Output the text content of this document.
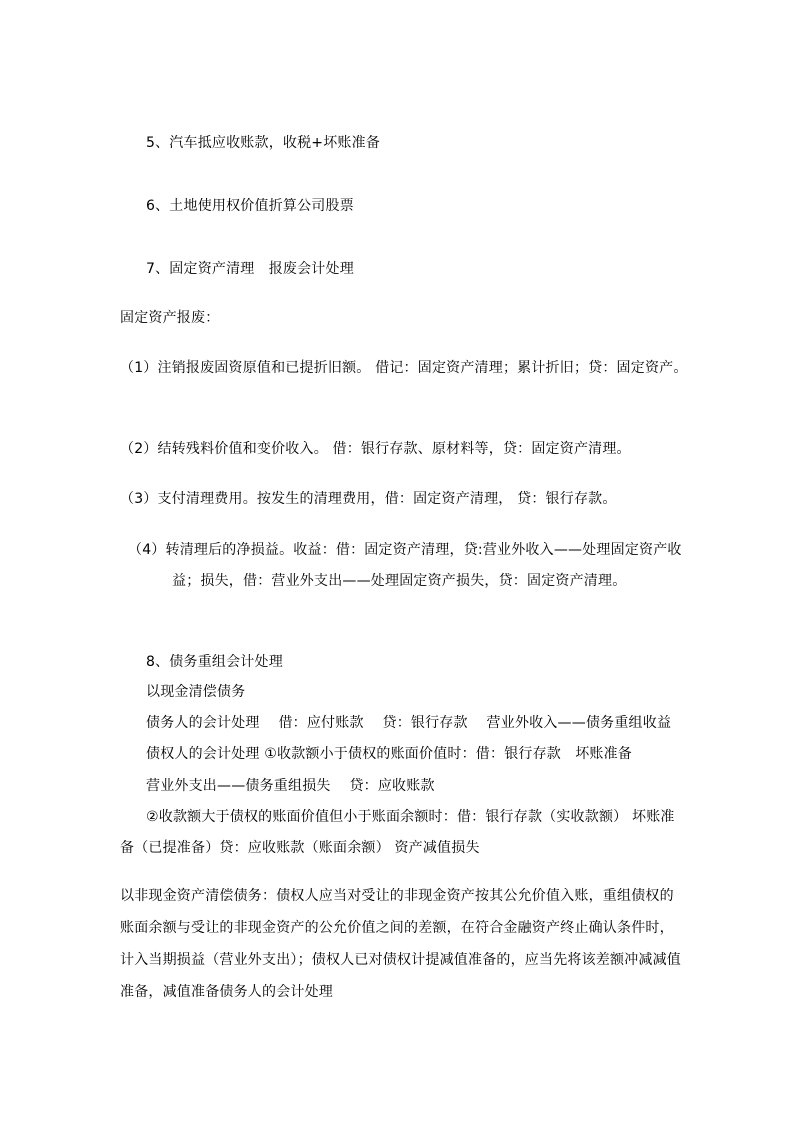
5、汽车抵应收账款，收税+坏账准备
6、土地使用权价值折算公司股票
7、固定资产清理　报废会计处理
固定资产报废：
（1）注销报废固资原值和已提折旧额。 借记：固定资产清理；累计折旧；贷：固定资产。
（2）结转残料价值和变价收入。 借：银行存款、原材料等，贷：固定资产清理。
（3）支付清理费用。按发生的清理费用，借：固定资产清理， 贷：银行存款。
（4）转清理后的净损益。收益：借：固定资产清理，贷:营业外收入——处理固定资产收
益；损失，借：营业外支出——处理固定资产损失，贷：固定资产清理。
8、债务重组会计处理
以现金清偿债务
债务人的会计处理　 借：应付账款　 贷：银行存款　 营业外收入——债务重组收益
债权人的会计处理 ①收款额小于债权的账面价值时：借：银行存款　坏账准备
营业外支出——债务重组损失　 贷：应收账款
②收款额大于债权的账面价值但小于账面余额时：借：银行存款（实收款额） 坏账准
备（已提准备）贷：应收账款（账面余额） 资产减值损失
以非现金资产清偿债务：债权人应当对受让的非现金资产按其公允价值入账，重组债权的
账面余额与受让的非现金资产的公允价值之间的差额，在符合金融资产终止确认条件时，
计入当期损益（营业外支出）；债权人已对债权计提减值准备的，应当先将该差额冲减减值
准备，减值准备债务人的会计处理
